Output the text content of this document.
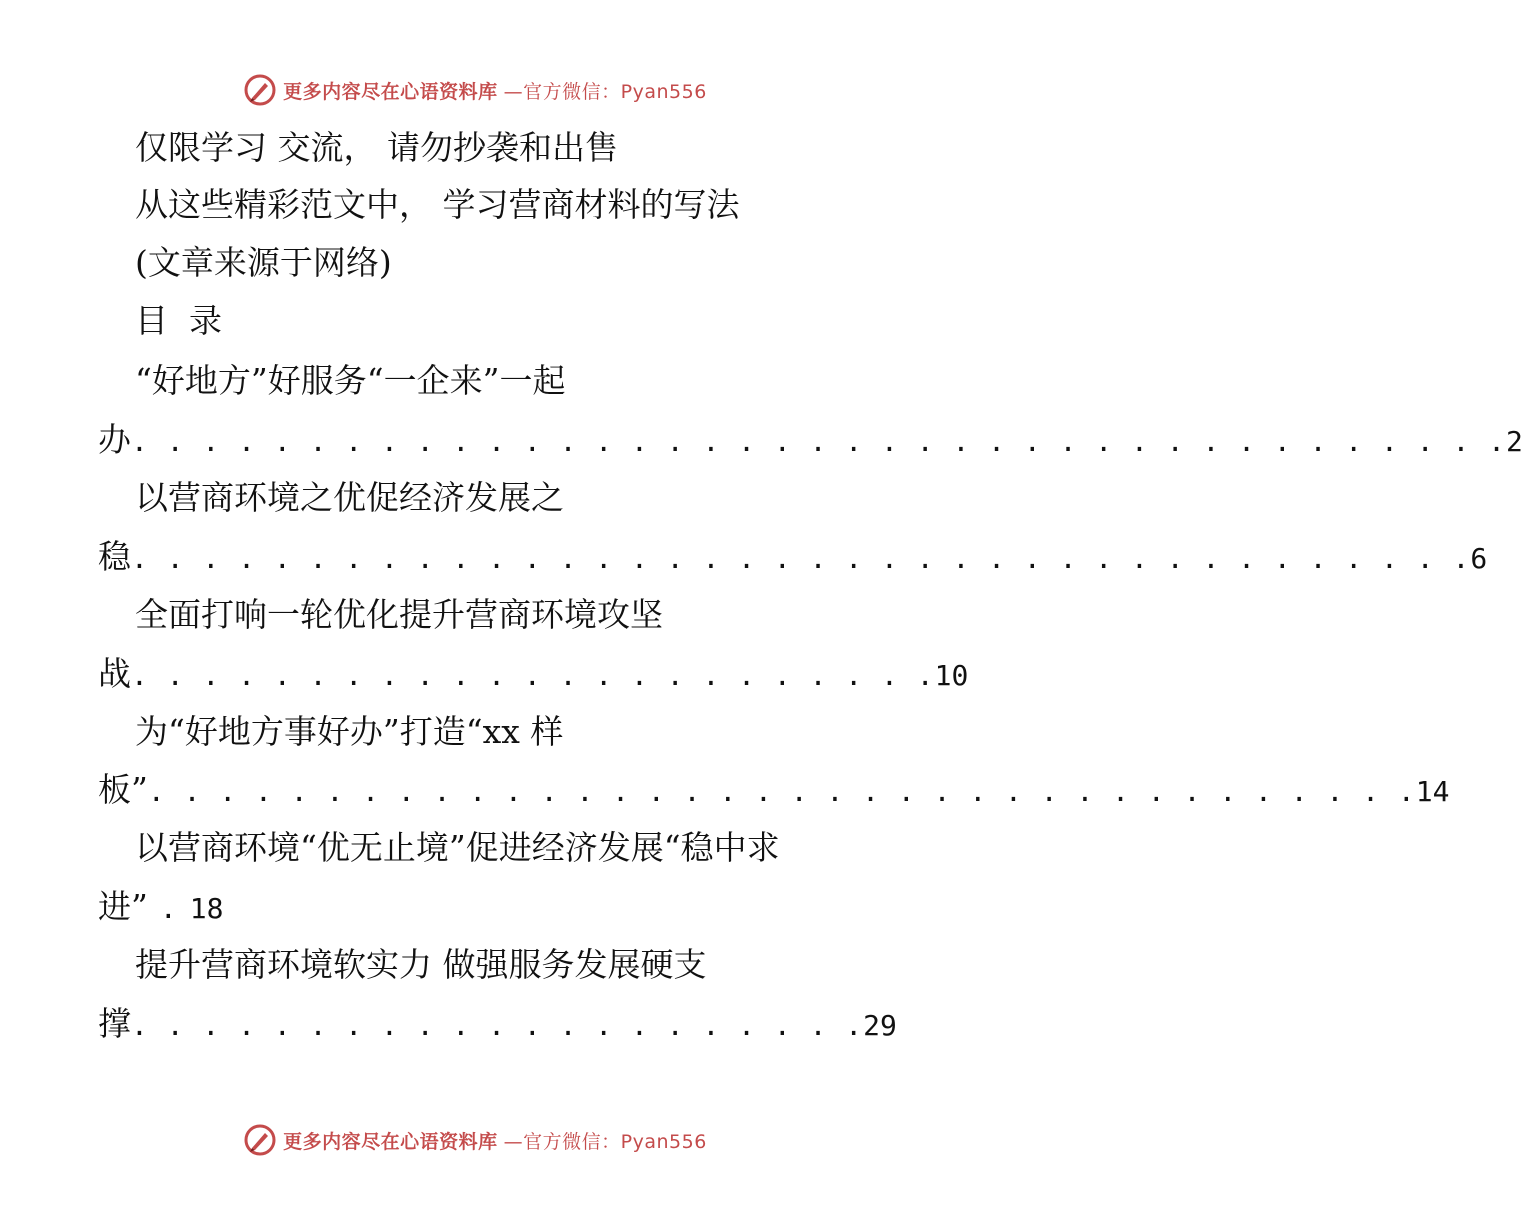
更多内容尽在心语资料库 —官方微信：Pyan556
仅限学习 交流， 请勿抄袭和出售
从这些精彩范文中， 学习营商材料的写法
(文章来源于网络)
目  录
“好地方”好服务“一企来”一起
办. . . . . . . . . . . . . . . . . . . . . . . . . . . . . . . . . . . . . . .2
以营商环境之优促经济发展之
稳. . . . . . . . . . . . . . . . . . . . . . . . . . . . . . . . . . . . . .6
全面打响一轮优化提升营商环境攻坚
战. . . . . . . . . . . . . . . . . . . . . . .10
为“好地方事好办”打造“xx 样
板”. . . . . . . . . . . . . . . . . . . . . . . . . . . . . . . . . . . .14
以营商环境“优无止境”促进经济发展“稳中求
进” . 18
提升营商环境软实力 做强服务发展硬支
撑. . . . . . . . . . . . . . . . . . . . .29
更多内容尽在心语资料库 —官方微信：Pyan556
